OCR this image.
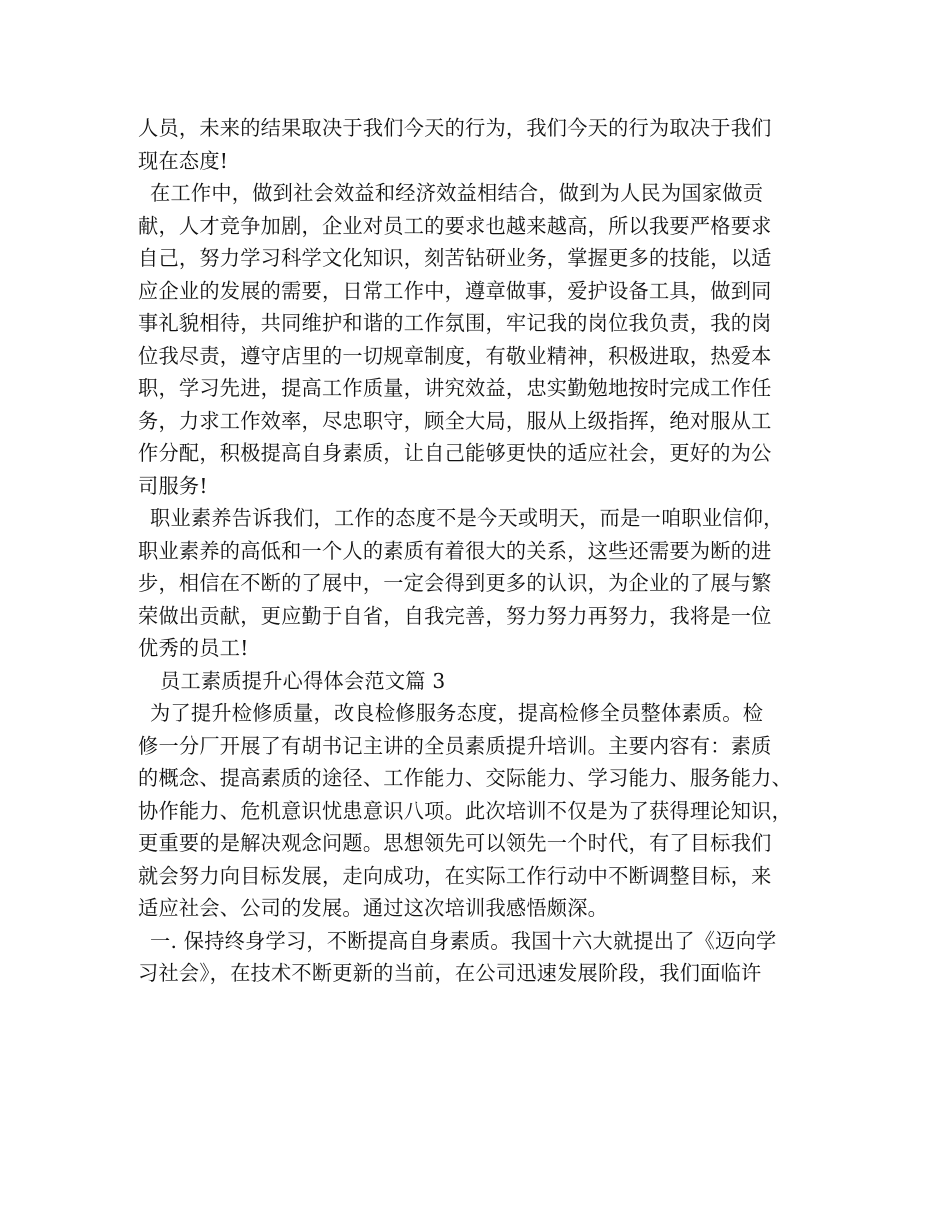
人员，未来的结果取决于我们今天的行为，我们今天的行为取决于我们
现在态度!
在工作中，做到社会效益和经济效益相结合，做到为人民为国家做贡
献，人才竞争加剧，企业对员工的要求也越来越高，所以我要严格要求
自己，努力学习科学文化知识，刻苦钻研业务，掌握更多的技能，以适
应企业的发展的需要，日常工作中，遵章做事，爱护设备工具，做到同
事礼貌相待，共同维护和谐的工作氛围，牢记我的岗位我负责，我的岗
位我尽责，遵守店里的一切规章制度，有敬业精神，积极进取，热爱本
职，学习先进，提高工作质量，讲究效益，忠实勤勉地按时完成工作任
务，力求工作效率，尽忠职守，顾全大局，服从上级指挥，绝对服从工
作分配，积极提高自身素质，让自己能够更快的适应社会，更好的为公
司服务!
职业素养告诉我们，工作的态度不是今天或明天，而是一咱职业信仰，
职业素养的高低和一个人的素质有着很大的关系，这些还需要为断的进
步，相信在不断的了展中，一定会得到更多的认识，为企业的了展与繁
荣做出贡献，更应勤于自省，自我完善，努力努力再努力，我将是一位
优秀的员工!
员工素质提升心得体会范文篇 3
为了提升检修质量，改良检修服务态度，提高检修全员整体素质。检
修一分厂开展了有胡书记主讲的全员素质提升培训。主要内容有：素质
的概念、提高素质的途径、工作能力、交际能力、学习能力、服务能力、
协作能力、危机意识忧患意识八项。此次培训不仅是为了获得理论知识，
更重要的是解决观念问题。思想领先可以领先一个时代，有了目标我们
就会努力向目标发展，走向成功，在实际工作行动中不断调整目标，来
适应社会、公司的发展。通过这次培训我感悟颇深。
一. 保持终身学习，不断提高自身素质。我国十六大就提出了《迈向学
习社会》，在技术不断更新的当前，在公司迅速发展阶段，我们面临许
